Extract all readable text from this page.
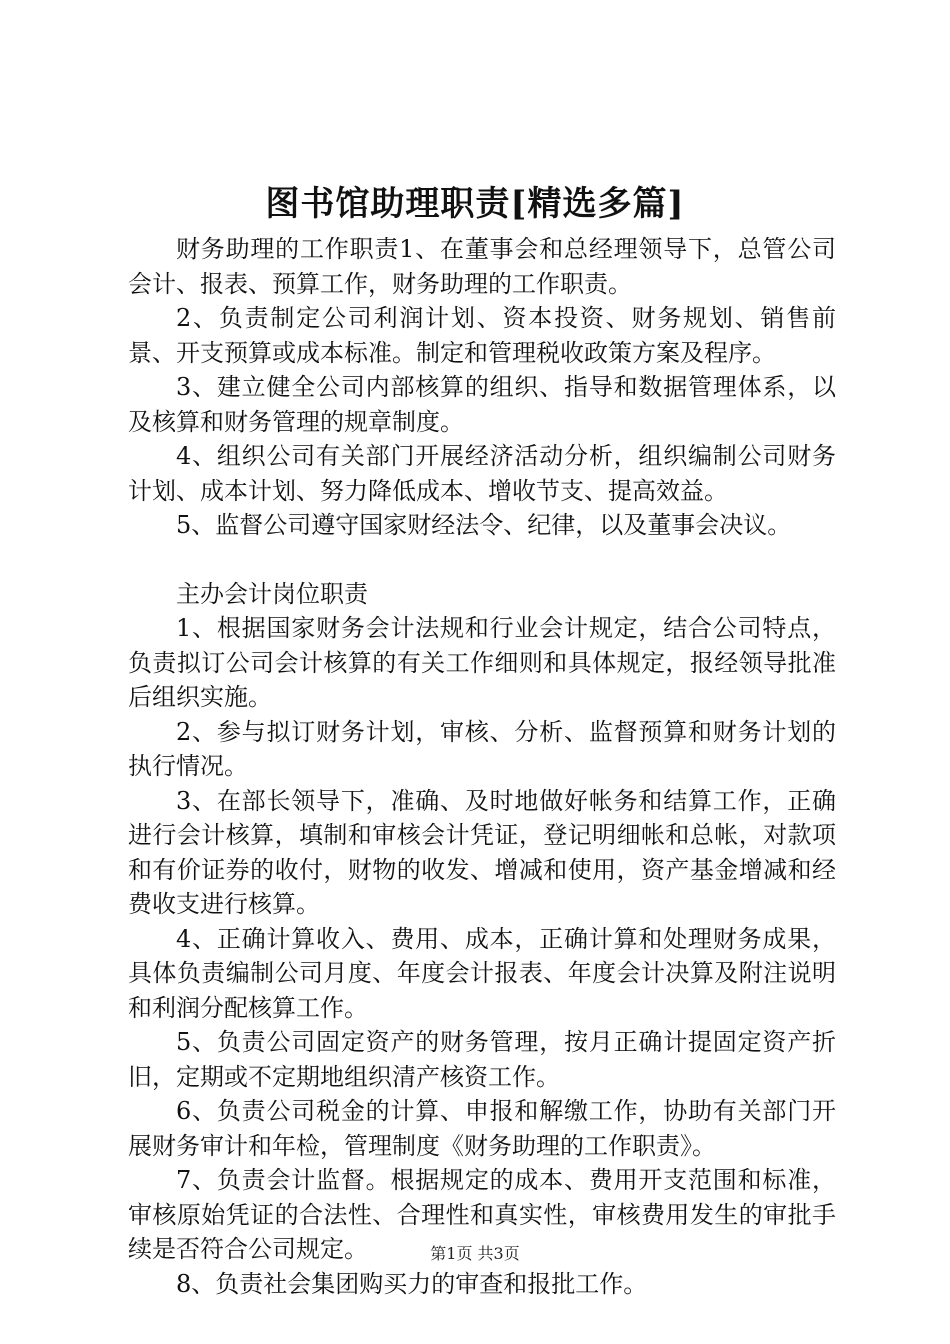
图书馆助理职责[精选多篇]

财务助理的工作职责1、在董事会和总经理领导下，总管公司会计、报表、预算工作，财务助理的工作职责。

2、负责制定公司利润计划、资本投资、财务规划、销售前景、开支预算或成本标准。制定和管理税收政策方案及程序。

3、建立健全公司内部核算的组织、指导和数据管理体系，以及核算和财务管理的规章制度。

4、组织公司有关部门开展经济活动分析，组织编制公司财务计划、成本计划、努力降低成本、增收节支、提高效益。

5、监督公司遵守国家财经法令、纪律，以及董事会决议。

主办会计岗位职责

1、根据国家财务会计法规和行业会计规定，结合公司特点，负责拟订公司会计核算的有关工作细则和具体规定，报经领导批准后组织实施。

2、参与拟订财务计划，审核、分析、监督预算和财务计划的执行情况。

3、在部长领导下，准确、及时地做好帐务和结算工作，正确进行会计核算，填制和审核会计凭证，登记明细帐和总帐，对款项和有价证券的收付，财物的收发、增减和使用，资产基金增减和经费收支进行核算。

4、正确计算收入、费用、成本，正确计算和处理财务成果，具体负责编制公司月度、年度会计报表、年度会计决算及附注说明和利润分配核算工作。

5、负责公司固定资产的财务管理，按月正确计提固定资产折旧，定期或不定期地组织清产核资工作。

6、负责公司税金的计算、申报和解缴工作，协助有关部门开展财务审计和年检，管理制度《财务助理的工作职责》。

7、负责会计监督。根据规定的成本、费用开支范围和标准，审核原始凭证的合法性、合理性和真实性，审核费用发生的审批手续是否符合公司规定。

8、负责社会集团购买力的审查和报批工作。

第1页 共3页
